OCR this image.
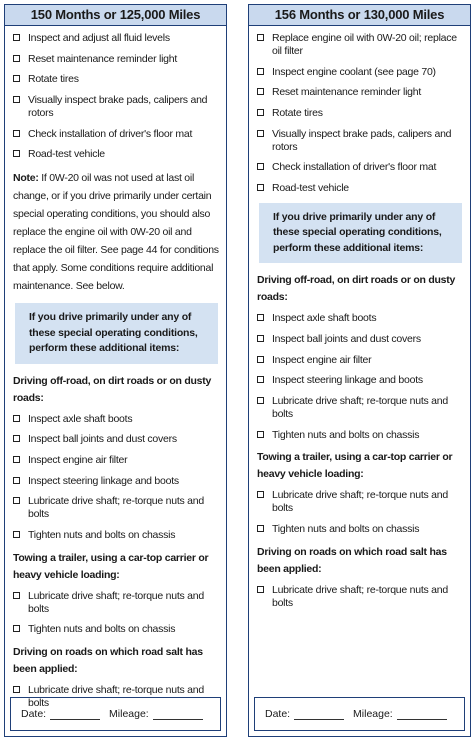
150 Months or 125,000 Miles
Inspect and adjust all fluid levels
Reset maintenance reminder light
Rotate tires
Visually inspect brake pads, calipers and rotors
Check installation of driver's floor mat
Road-test vehicle
Note: If 0W-20 oil was not used at last oil change, or if you drive primarily under certain special operating conditions, you should also replace the engine oil with 0W-20 oil and replace the oil filter. See page 44 for conditions that apply. Some conditions require additional maintenance. See below.
If you drive primarily under any of these special operating conditions, perform these additional items:
Driving off-road, on dirt roads or on dusty roads:
Inspect axle shaft boots
Inspect ball joints and dust covers
Inspect engine air filter
Inspect steering linkage and boots
Lubricate drive shaft; re-torque nuts and bolts
Tighten nuts and bolts on chassis
Towing a trailer, using a car-top carrier or heavy vehicle loading:
Lubricate drive shaft; re-torque nuts and bolts
Tighten nuts and bolts on chassis
Driving on roads on which road salt has been applied:
Lubricate drive shaft; re-torque nuts and bolts
Date:	Mileage:
156 Months or 130,000 Miles
Replace engine oil with 0W-20 oil; replace oil filter
Inspect engine coolant (see page 70)
Reset maintenance reminder light
Rotate tires
Visually inspect brake pads, calipers and rotors
Check installation of driver's floor mat
Road-test vehicle
If you drive primarily under any of these special operating conditions, perform these additional items:
Driving off-road, on dirt roads or on dusty roads:
Inspect axle shaft boots
Inspect ball joints and dust covers
Inspect engine air filter
Inspect steering linkage and boots
Lubricate drive shaft; re-torque nuts and bolts
Tighten nuts and bolts on chassis
Towing a trailer, using a car-top carrier or heavy vehicle loading:
Lubricate drive shaft; re-torque nuts and bolts
Tighten nuts and bolts on chassis
Driving on roads on which road salt has been applied:
Lubricate drive shaft; re-torque nuts and bolts
Date:	Mileage:
